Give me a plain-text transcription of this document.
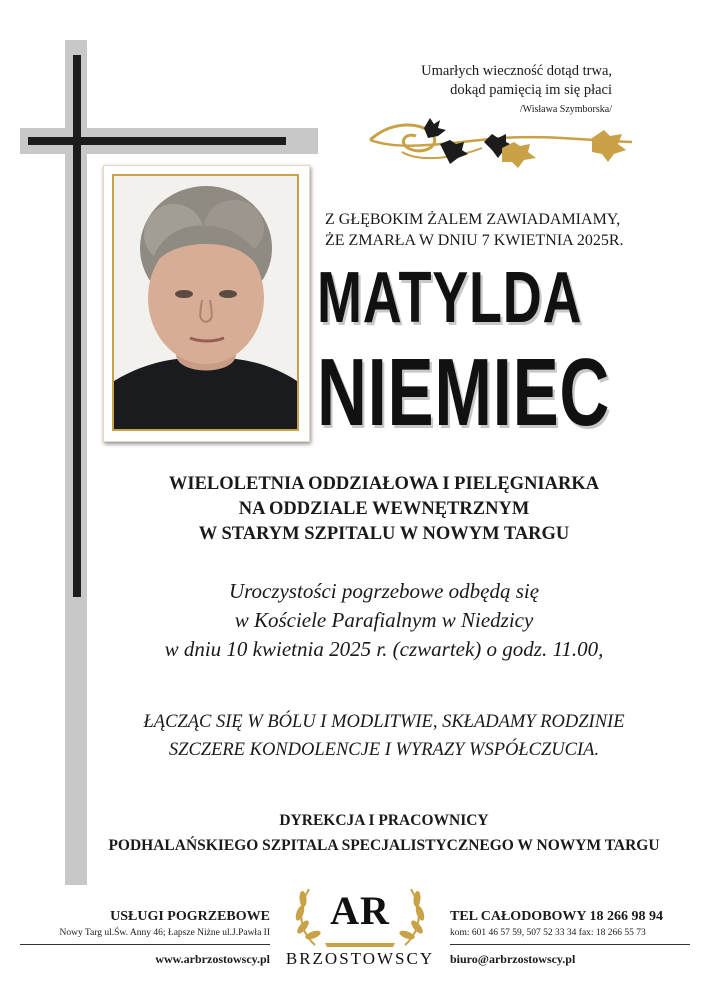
Umarłych wieczność dotąd trwa,
dokąd pamięcią im się płaci
/Wisława Szymborska/
Z GŁĘBOKIM ŻALEM ZAWIADAMIAMY,
ŻE ZMARŁA W DNIU 7 KWIETNIA 2025R.
MATYLDA
NIEMIEC
WIELOLETNIA ODDZIAŁOWA I PIELĘGNIARKA
NA ODDZIALE WEWNĘTRZNYM
W STARYM SZPITALU W NOWYM TARGU
Uroczystości pogrzebowe odbędą się
w Kościele Parafialnym w Niedzicy
w dniu 10 kwietnia 2025 r. (czwartek) o godz. 11.00,
ŁĄCZĄC SIĘ W BÓLU I MODLITWIE, SKŁADAMY RODZINIE
SZCZERE KONDOLENCJE I WYRAZY WSPÓŁCZUCIA.
DYREKCJA I PRACOWNICY
PODHALAŃSKIEGO SZPITALA SPECJALISTYCZNEGO W NOWYM TARGU
USŁUGI POGRZEBOWE
Nowy Targ ul.Św. Anny 46; Łapsze Niżne ul.J.Pawła II
www.arbrzostowscy.pl
AR
BRZOSTOWSCY
TEL CAŁODOBOWY 18 266 98 94
kom: 601 46 57 59, 507 52 33 34 fax: 18 266 55 73
biuro@arbrzostowscy.pl
